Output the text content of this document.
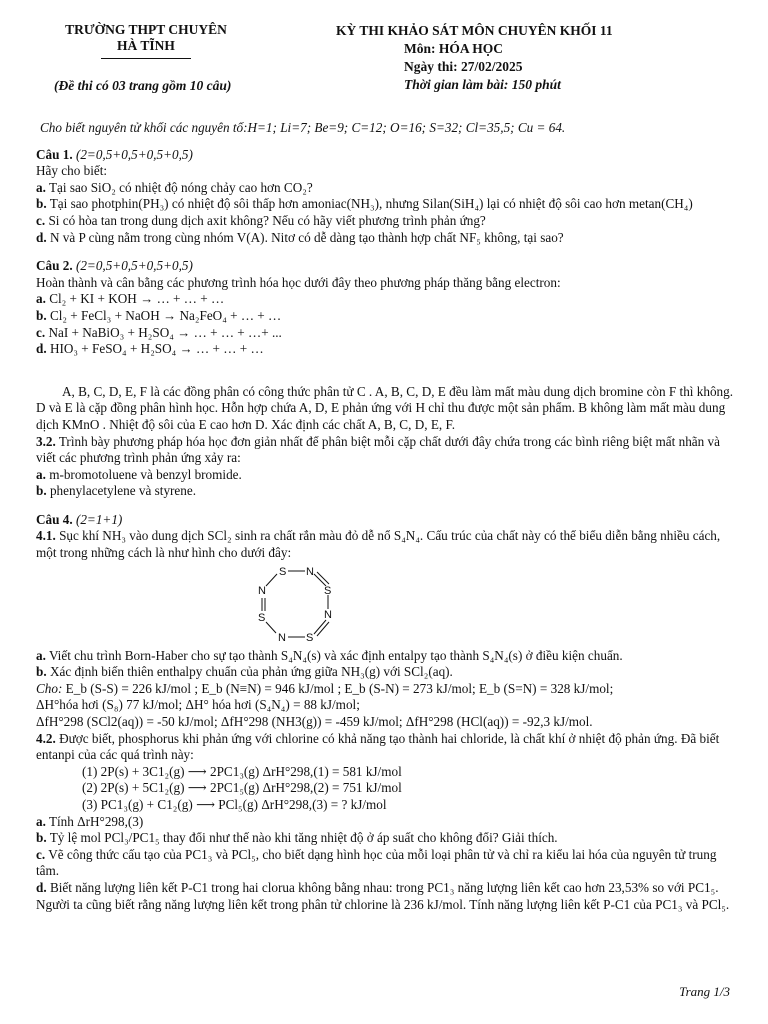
TRƯỜNG THPT CHUYÊN
HÀ TĨNH
(Đề thi có 03 trang gồm 10 câu)
KỲ THI KHẢO SÁT MÔN CHUYÊN KHỐI 11
Môn: HÓA HỌC
Ngày thi: 27/02/2025
Thời gian làm bài: 150 phút

Cho biết nguyên tử khối các nguyên tố:H=1; Li=7; Be=9; C=12; O=16; S=32; Cl=35,5; Cu = 64.

Câu 1. (2=0,5+0,5+0,5+0,5)

Hãy cho biết:

a. Tại sao SiO₂ có nhiệt độ nóng chảy cao hơn CO₂?

b. Tại sao photphin(PH₃) có nhiệt độ sôi thấp hơn amoniac(NH₃), nhưng Silan(SiH₄) lại có nhiệt độ sôi cao hơn metan(CH₄)

c. Si có hòa tan trong dung dịch axit không? Nếu có hãy viết phương trình phản ứng?

d. N và P cùng nằm trong cùng nhóm V(A). Nitơ có dễ dàng tạo thành hợp chất NF₅ không, tại sao?

Câu 2. (2=0,5+0,5+0,5+0,5)

Hoàn thành và cân bằng các phương trình hóa học dưới đây theo phương pháp thăng bằng electron:

a. Cl₂ + KI + KOH → … + … + …

b. Cl₂ + FeCl₃ + NaOH → Na₂FeO₄ + … + …

c. NaI + NaBiO₃ + H₂SO₄ → … + … + …+ ...

d. HIO₃ + FeSO₄ + H₂SO₄ → … + … + …

A, B, C, D, E, F là các đồng phân có công thức phân tử C . A, B, C, D, E đều làm mất màu dung dịch bromine còn F thì không. D và E là cặp đồng phân hình học. Hỗn hợp chứa A, D, E phản ứng với H chỉ thu được một sản phẩm. B không làm mất màu dung dịch KMnO . Nhiệt độ sôi của E cao hơn D. Xác định các chất A, B, C, D, E, F.

3.2. Trình bày phương pháp hóa học đơn giản nhất để phân biệt mỗi cặp chất dưới đây chứa trong các bình riêng biệt mất nhãn và viết các phương trình phản ứng xảy ra:

a. m-bromotoluene và benzyl bromide.

b. phenylacetylene và styrene.

Câu 4. (2=1+1)

4.1. Sục khí NH₃ vào dung dịch SCl₂ sinh ra chất rắn màu đỏ dễ nổ S₄N₄. Cấu trúc của chất này có thể biểu diễn bằng nhiều cách, một trong những cách là như hình cho dưới đây:

S N
S
N
S
N
S
N

a. Viết chu trình Born-Haber cho sự tạo thành S₄N₄(s) và xác định entalpy tạo thành S₄N₄(s) ở điều kiện chuẩn.

b. Xác định biến thiên enthalpy chuẩn của phản ứng giữa NH₃(g) với SCl₂(aq).

Cho: E_b (S-S) = 226 kJ/mol ; E_b (N≡N) = 946 kJ/mol ; E_b (S-N) = 273 kJ/mol; E_b (S=N) = 328 kJ/mol;

ΔH°hóa hơi (S₈) 77 kJ/mol; ΔH° hóa hơi (S₄N₄) = 88 kJ/mol;

ΔfH°298 (SCl2(aq)) = -50 kJ/mol; ΔfH°298 (NH3(g)) = -459 kJ/mol; ΔfH°298 (HCl(aq)) = -92,3 kJ/mol.

4.2. Được biết, phosphorus khi phản ứng với chlorine có khả năng tạo thành hai chloride, là chất khí ở nhiệt độ phản ứng. Đã biết entanpi của các quá trình này:

(1) 2P(s) + 3C1₂(g) ⟶ 2PC1₃(g) ΔrH°298,(1) = 581 kJ/mol

(2) 2P(s) + 5C1₂(g) ⟶ 2PC1₅(g) ΔrH°298,(2) = 751 kJ/mol

(3) PC1₃(g) + C1₂(g) ⟶ PCl₅(g) ΔrH°298,(3) = ? kJ/mol

a. Tính ΔrH°298,(3)

b. Tỷ lệ mol PCl₃/PC1₅ thay đổi như thế nào khi tăng nhiệt độ ở áp suất cho không đổi? Giải thích.

c. Vẽ công thức cấu tạo của PC1₃ và PCl₅, cho biết dạng hình học của mỗi loại phân tử và chỉ ra kiểu lai hóa của nguyên tử trung tâm.

d. Biết năng lượng liên kết P-C1 trong hai clorua không bằng nhau: trong PC1₃ năng lượng liên kết cao hơn 23,53% so với PC1₅. Người ta cũng biết rằng năng lượng liên kết trong phân tử chlorine là 236 kJ/mol. Tính năng lượng liên kết P-C1 của PC1₃ và PCl₅.

Trang 1/3
